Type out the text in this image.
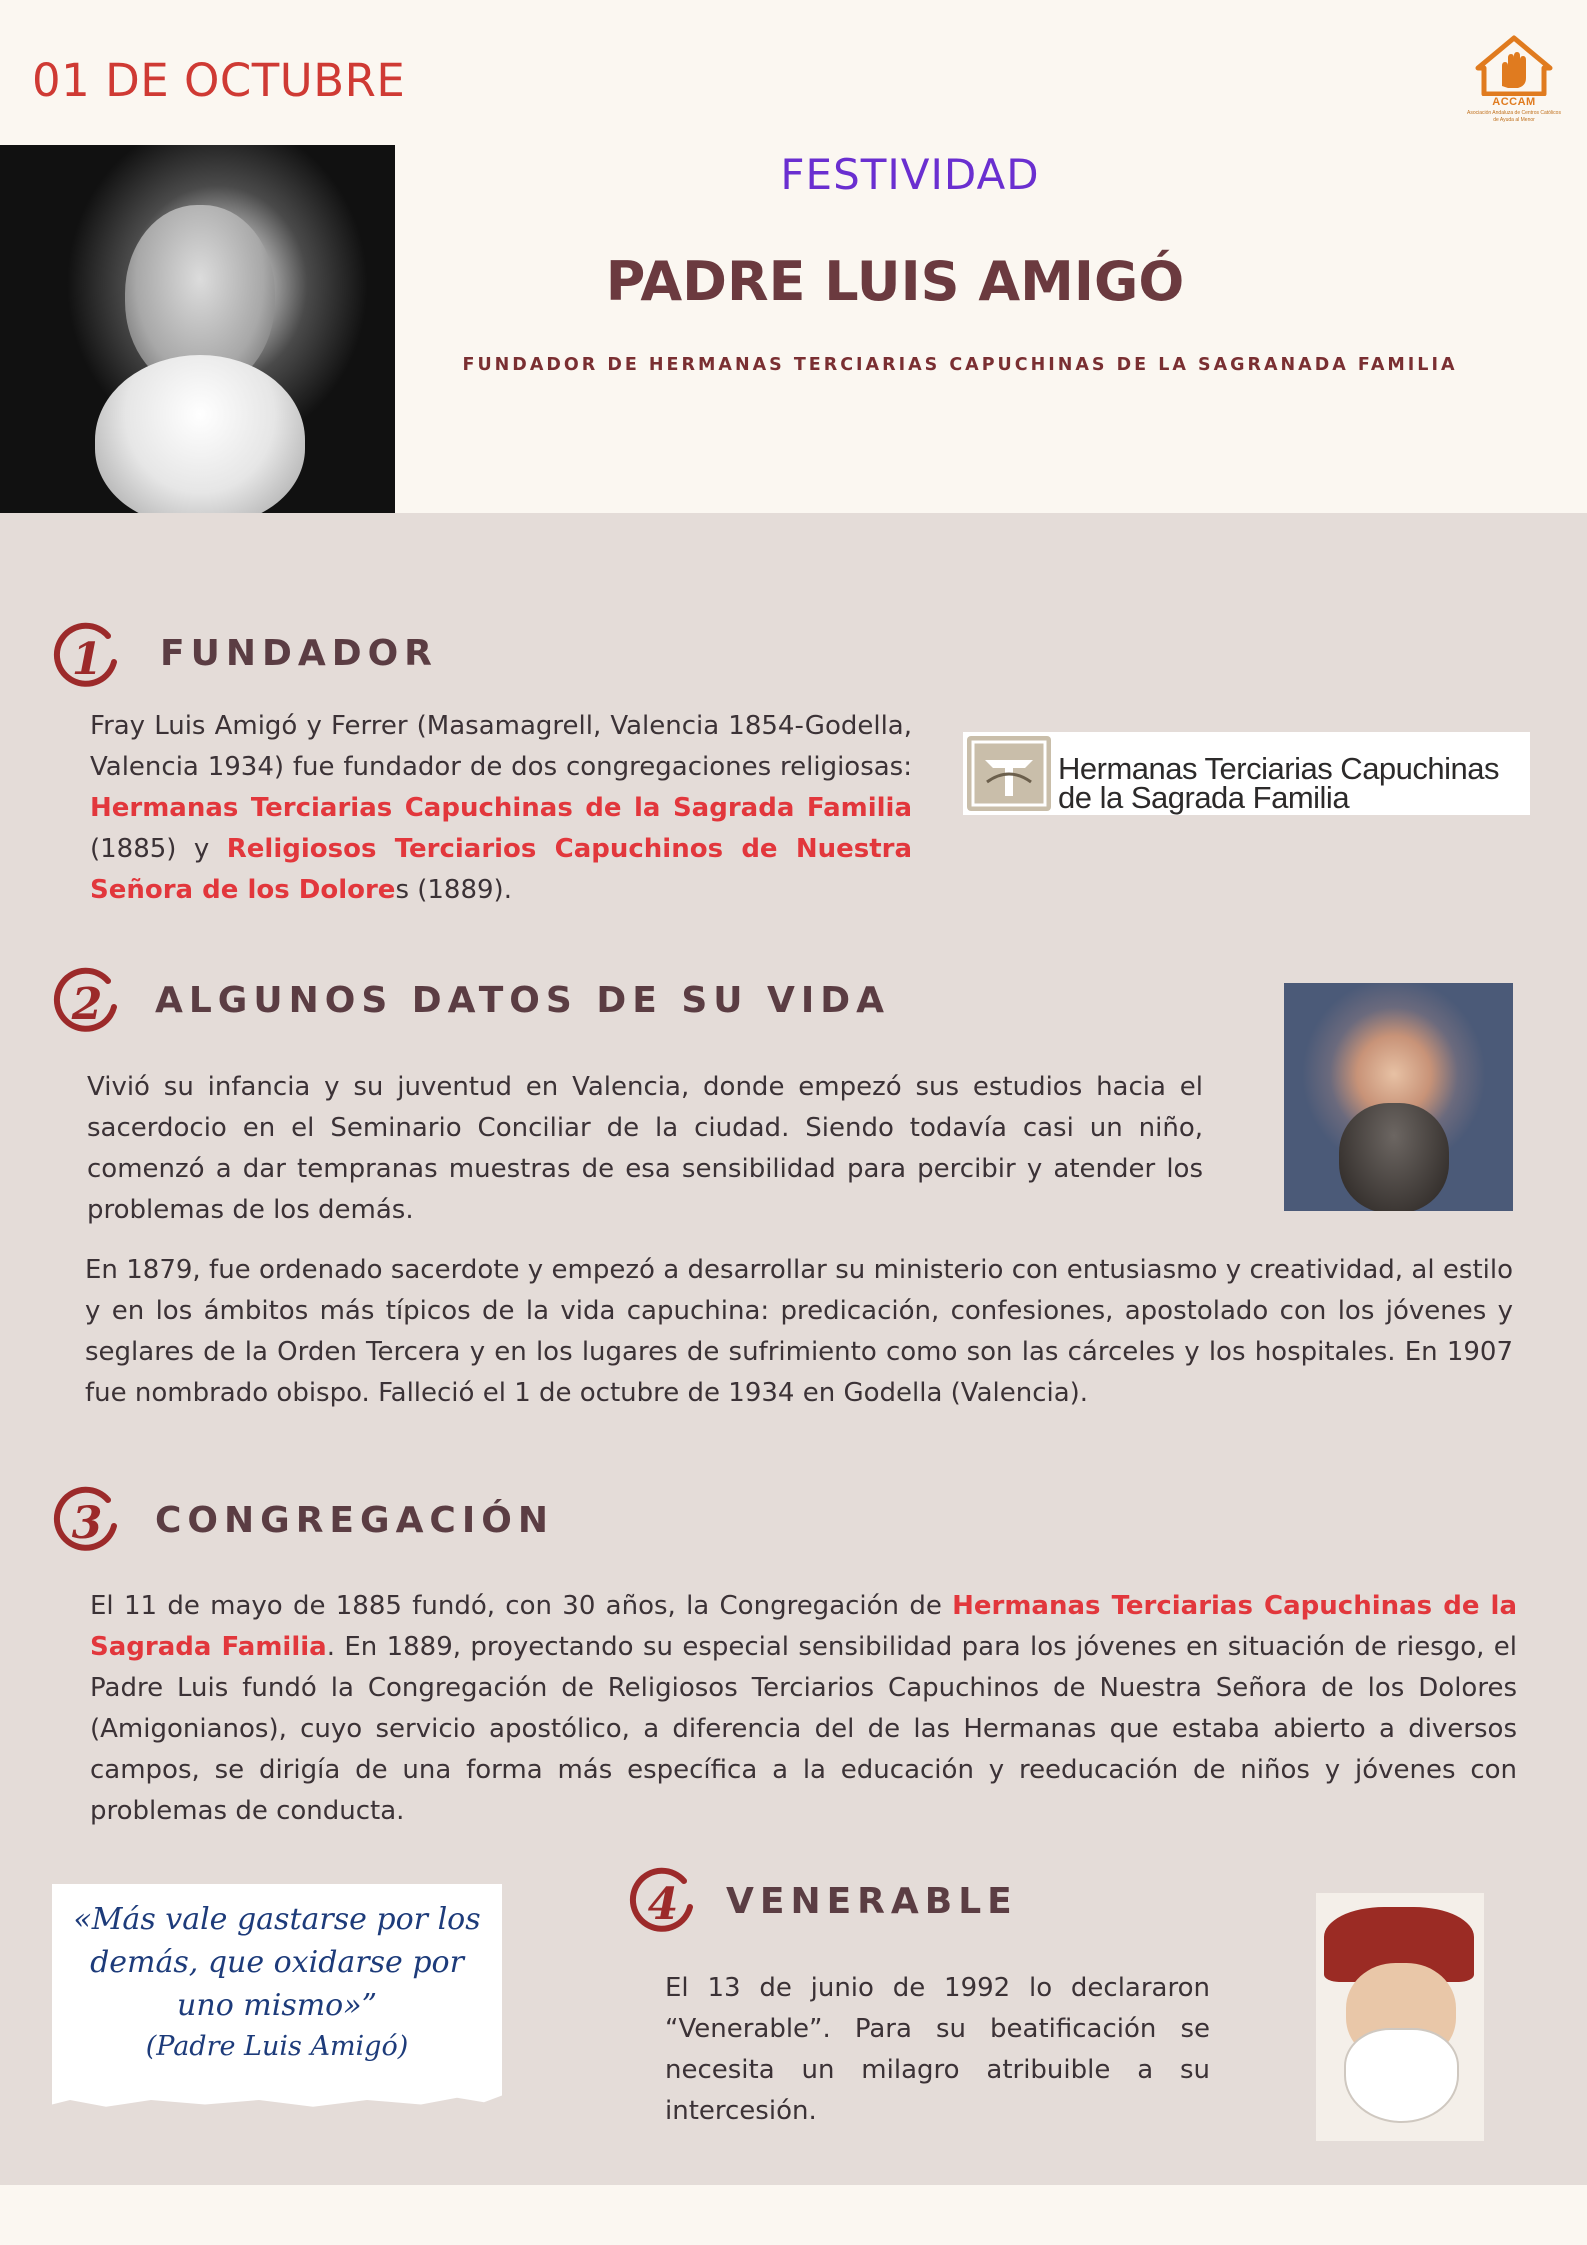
01 DE OCTUBRE	ACCAM
Asociación Andaluza de Centros Católicos de Ayuda al Menor
FESTIVIDAD
PADRE LUIS AMIGÓ
FUNDADOR DE HERMANAS TERCIARIAS CAPUCHINAS DE LA SAGRANADA FAMILIA
1 FUNDADOR
Fray Luis Amigó y Ferrer (Masamagrell, Valencia 1854-Godella, Valencia 1934) fue fundador de dos congregaciones religiosas: Hermanas Terciarias Capuchinas de la Sagrada Familia (1885) y Religiosos Terciarios Capuchinos de Nuestra Señora de los Dolores (1889).
Hermanas Terciarias Capuchinas
de la Sagrada Familia
2 ALGUNOS DATOS DE SU VIDA
Vivió su infancia y su juventud en Valencia, donde empezó sus estudios hacia el sacerdocio en el Seminario Conciliar de la ciudad. Siendo todavía casi un niño, comenzó a dar tempranas muestras de esa sensibilidad para percibir y atender los problemas de los demás.
En 1879, fue ordenado sacerdote y empezó a desarrollar su ministerio con entusiasmo y creatividad, al estilo y en los ámbitos más típicos de la vida capuchina: predicación, confesiones, apostolado con los jóvenes y seglares de la Orden Tercera y en los lugares de sufrimiento como son las cárceles y los hospitales. En 1907 fue nombrado obispo. Falleció el 1 de octubre de 1934 en Godella (Valencia).
3 CONGREGACIÓN
El 11 de mayo de 1885 fundó, con 30 años, la Congregación de Hermanas Terciarias Capuchinas de la Sagrada Familia. En 1889, proyectando su especial sensibilidad para los jóvenes en situación de riesgo, el Padre Luis fundó la Congregación de Religiosos Terciarios Capuchinos de Nuestra Señora de los Dolores (Amigonianos), cuyo servicio apostólico, a diferencia del de las Hermanas que estaba abierto a diversos campos, se dirigía de una forma más específica a la educación y reeducación de niños y jóvenes con problemas de conducta.
«Más vale gastarse por los demás, que oxidarse por uno mismo»”
(Padre Luis Amigó)
4 VENERABLE
El 13 de junio de 1992 lo declararon “Venerable”. Para su beatificación se necesita un milagro atribuible a su intercesión.
